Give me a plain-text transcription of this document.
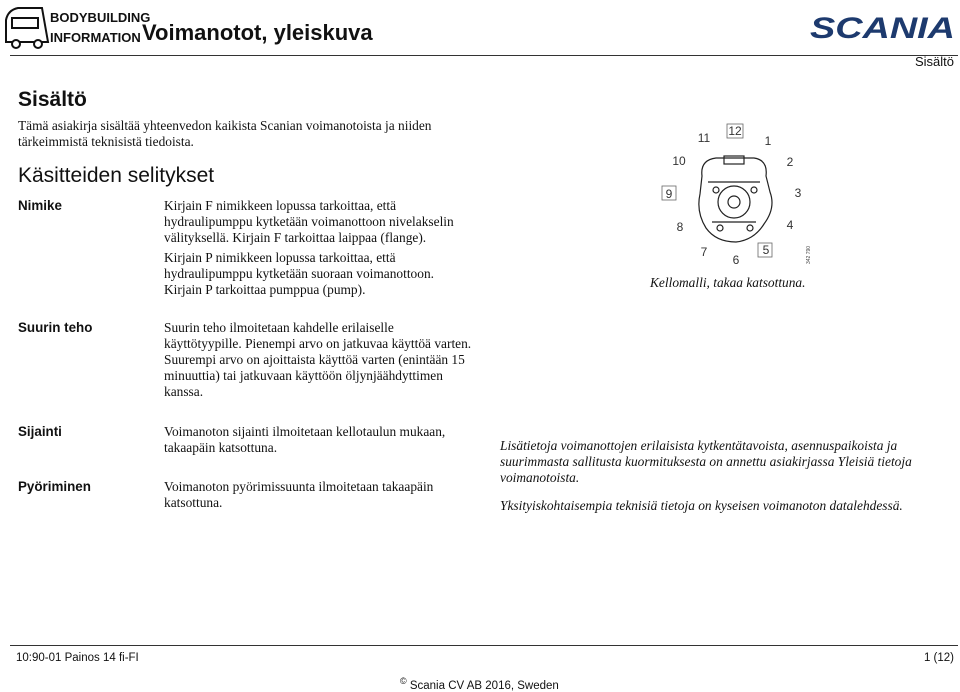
BODYBUILDING
INFORMATION Voimanotot, yleiskuva	SCANIA
Sisältö
Sisältö
Tämä asiakirja sisältää yhteenvedon kaikista Scanian voimanotoista ja niiden tärkeimmistä teknisistä tiedoista.
Käsitteiden selitykset
Nimike	Kirjain F nimikkeen lopussa tarkoittaa, että hydraulipumppu kytketään voimanottoon nivelakselin välityksellä. Kirjain F tarkoittaa laippaa (flange).

Kirjain P nimikkeen lopussa tarkoittaa, että hydraulipumppu kytketään suoraan voimanottoon. Kirjain P tarkoittaa pumppua (pump).

Suurin teho	Suurin teho ilmoitetaan kahdelle erilaiselle käyttötyypille. Pienempi arvo on jatkuvaa käyttöä varten. Suurempi arvo on ajoittaista käyttöä varten (enintään 15 minuuttia) tai jatkuvaan käyttöön öljynjäähdyttimen kanssa.

Sijainti	Voimanoton sijainti ilmoitetaan kellotaulun mukaan, takaapäin katsottuna.

Pyöriminen	Voimanoton pyörimissuunta ilmoitetaan takaapäin katsottuna.

1
2
3
4
5
6
7
8
9
10
11 12
342 790
Kellomalli, takaa katsottuna.

Lisätietoja voimanottojen erilaisista kytkentätavoista, asennuspaikoista ja suurimmasta sallitusta kuormituksesta on annettu asiakirjassa Yleisiä tietoja voimanotoista.

Yksityiskohtaisempia teknisiä tietoja on kyseisen voimanoton datalehdessä.

10:90-01 Painos 14 fi-FI	1 (12)
© Scania CV AB 2016, Sweden
